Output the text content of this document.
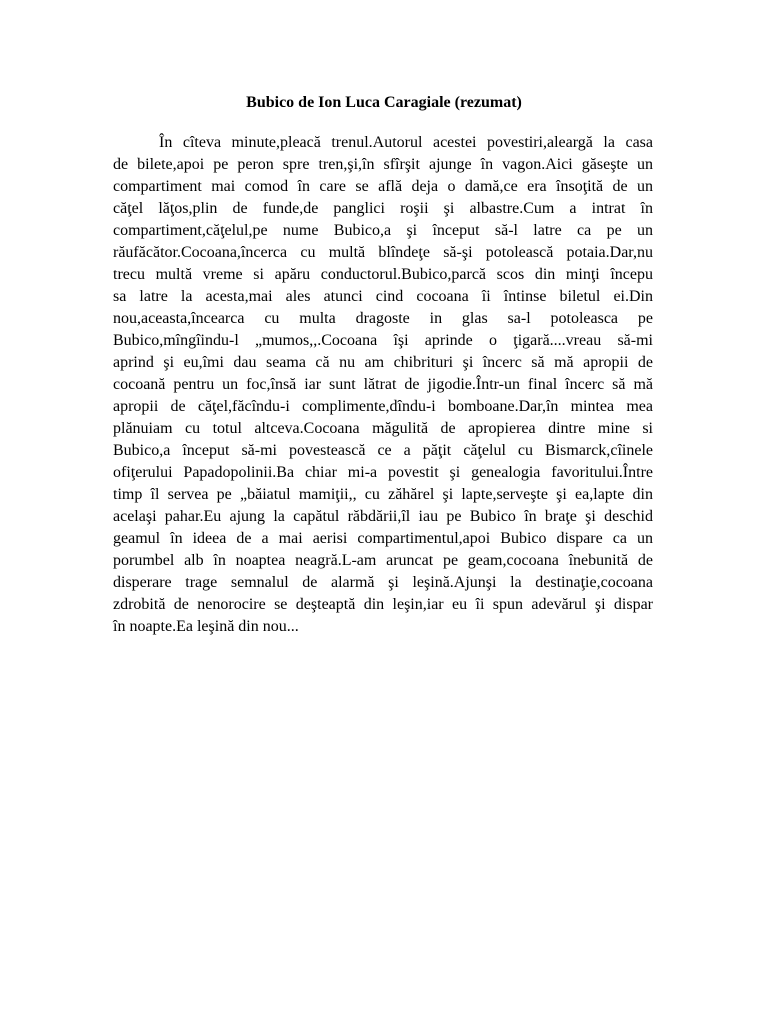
Bubico de Ion Luca Caragiale (rezumat)
În cîteva minute,pleacă trenul.Autorul acestei povestiri,aleargă la casa
de bilete,apoi pe peron spre tren,şi,în sfîrşit ajunge în vagon.Aici găseşte un
compartiment mai comod în care se află deja o damă,ce era însoţită de un
căţel lăţos,plin de funde,de panglici roşii şi albastre.Cum a intrat în
compartiment,căţelul,pe nume Bubico,a şi început să-l latre ca pe un
răufăcător.Cocoana,încerca cu multă blîndeţe să-şi potolească potaia.Dar,nu
trecu multă vreme si apăru conductorul.Bubico,parcă scos din minţi începu
sa latre la acesta,mai ales atunci cind cocoana îi întinse biletul ei.Din
nou,aceasta,încearca cu multa dragoste in glas sa-l potoleasca pe
Bubico,mîngîindu-l „mumos,,.Cocoana îşi aprinde o ţigară....vreau să-mi
aprind şi eu,îmi dau seama că nu am chibrituri şi încerc să mă apropii de
cocoană pentru un foc,însă iar sunt lătrat de jigodie.Într-un final încerc să mă
apropii de căţel,făcîndu-i complimente,dîndu-i bomboane.Dar,în mintea mea
plănuiam cu totul altceva.Cocoana măgulită de apropierea dintre mine si
Bubico,a început să-mi povestească ce a păţit căţelul cu Bismarck,cîinele
ofiţerului Papadopolinii.Ba chiar mi-a povestit şi genealogia favoritului.Între
timp îl servea pe „băiatul mamiţii,, cu zăhărel şi lapte,serveşte şi ea,lapte din
acelaşi pahar.Eu ajung la capătul răbdării,îl iau pe Bubico în braţe şi deschid
geamul în ideea de a mai aerisi compartimentul,apoi Bubico dispare ca un
porumbel alb în noaptea neagră.L-am aruncat pe geam,cocoana înebunită de
disperare trage semnalul de alarmă şi leşină.Ajunşi la destinaţie,cocoana
zdrobită de nenorocire se deşteaptă din leşin,iar eu îi spun adevărul şi dispar
în noapte.Ea leşină din nou...
